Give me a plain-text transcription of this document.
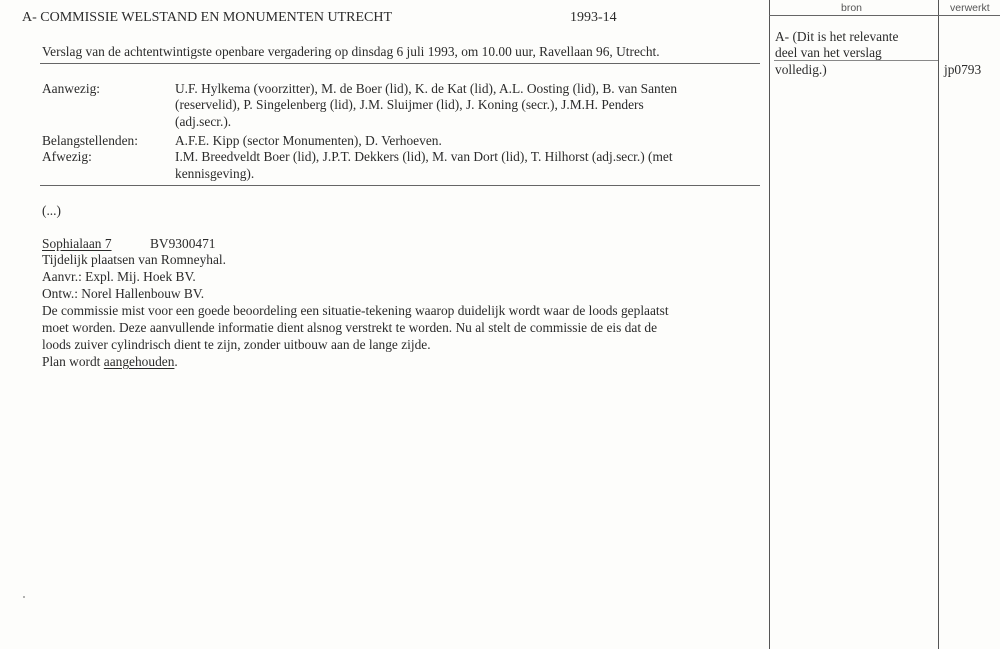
bron	verwerkt
A- (Dit is het relevante
deel van het verslag
volledig.)	jp0793
A- COMMISSIE WELSTAND EN MONUMENTEN UTRECHT	1993-14
Verslag van de achtentwintigste openbare vergadering op dinsdag 6 juli 1993, om 10.00 uur, Ravellaan 96, Utrecht.
Aanwezig:	U.F. Hylkema (voorzitter), M. de Boer (lid), K. de Kat (lid), A.L. Oosting (lid), B. van Santen
(reservelid), P. Singelenberg (lid), J.M. Sluijmer (lid), J. Koning (secr.), J.M.H. Penders
(adj.secr.).
Belangstellenden:	A.F.E. Kipp (sector Monumenten), D. Verhoeven.
Afwezig:	I.M. Breedveldt Boer (lid), J.P.T. Dekkers (lid), M. van Dort (lid), T. Hilhorst (adj.secr.) (met
kennisgeving).
(...)
Sophialaan 7	BV9300471
Tijdelijk plaatsen van Romneyhal.
Aanvr.: Expl. Mij. Hoek BV.
Ontw.: Norel Hallenbouw BV.
De commissie mist voor een goede beoordeling een situatie-tekening waarop duidelijk wordt waar de loods geplaatst
moet worden. Deze aanvullende informatie dient alsnog verstrekt te worden. Nu al stelt de commissie de eis dat de
loods zuiver cylindrisch dient te zijn, zonder uitbouw aan de lange zijde.
Plan wordt aangehouden.
